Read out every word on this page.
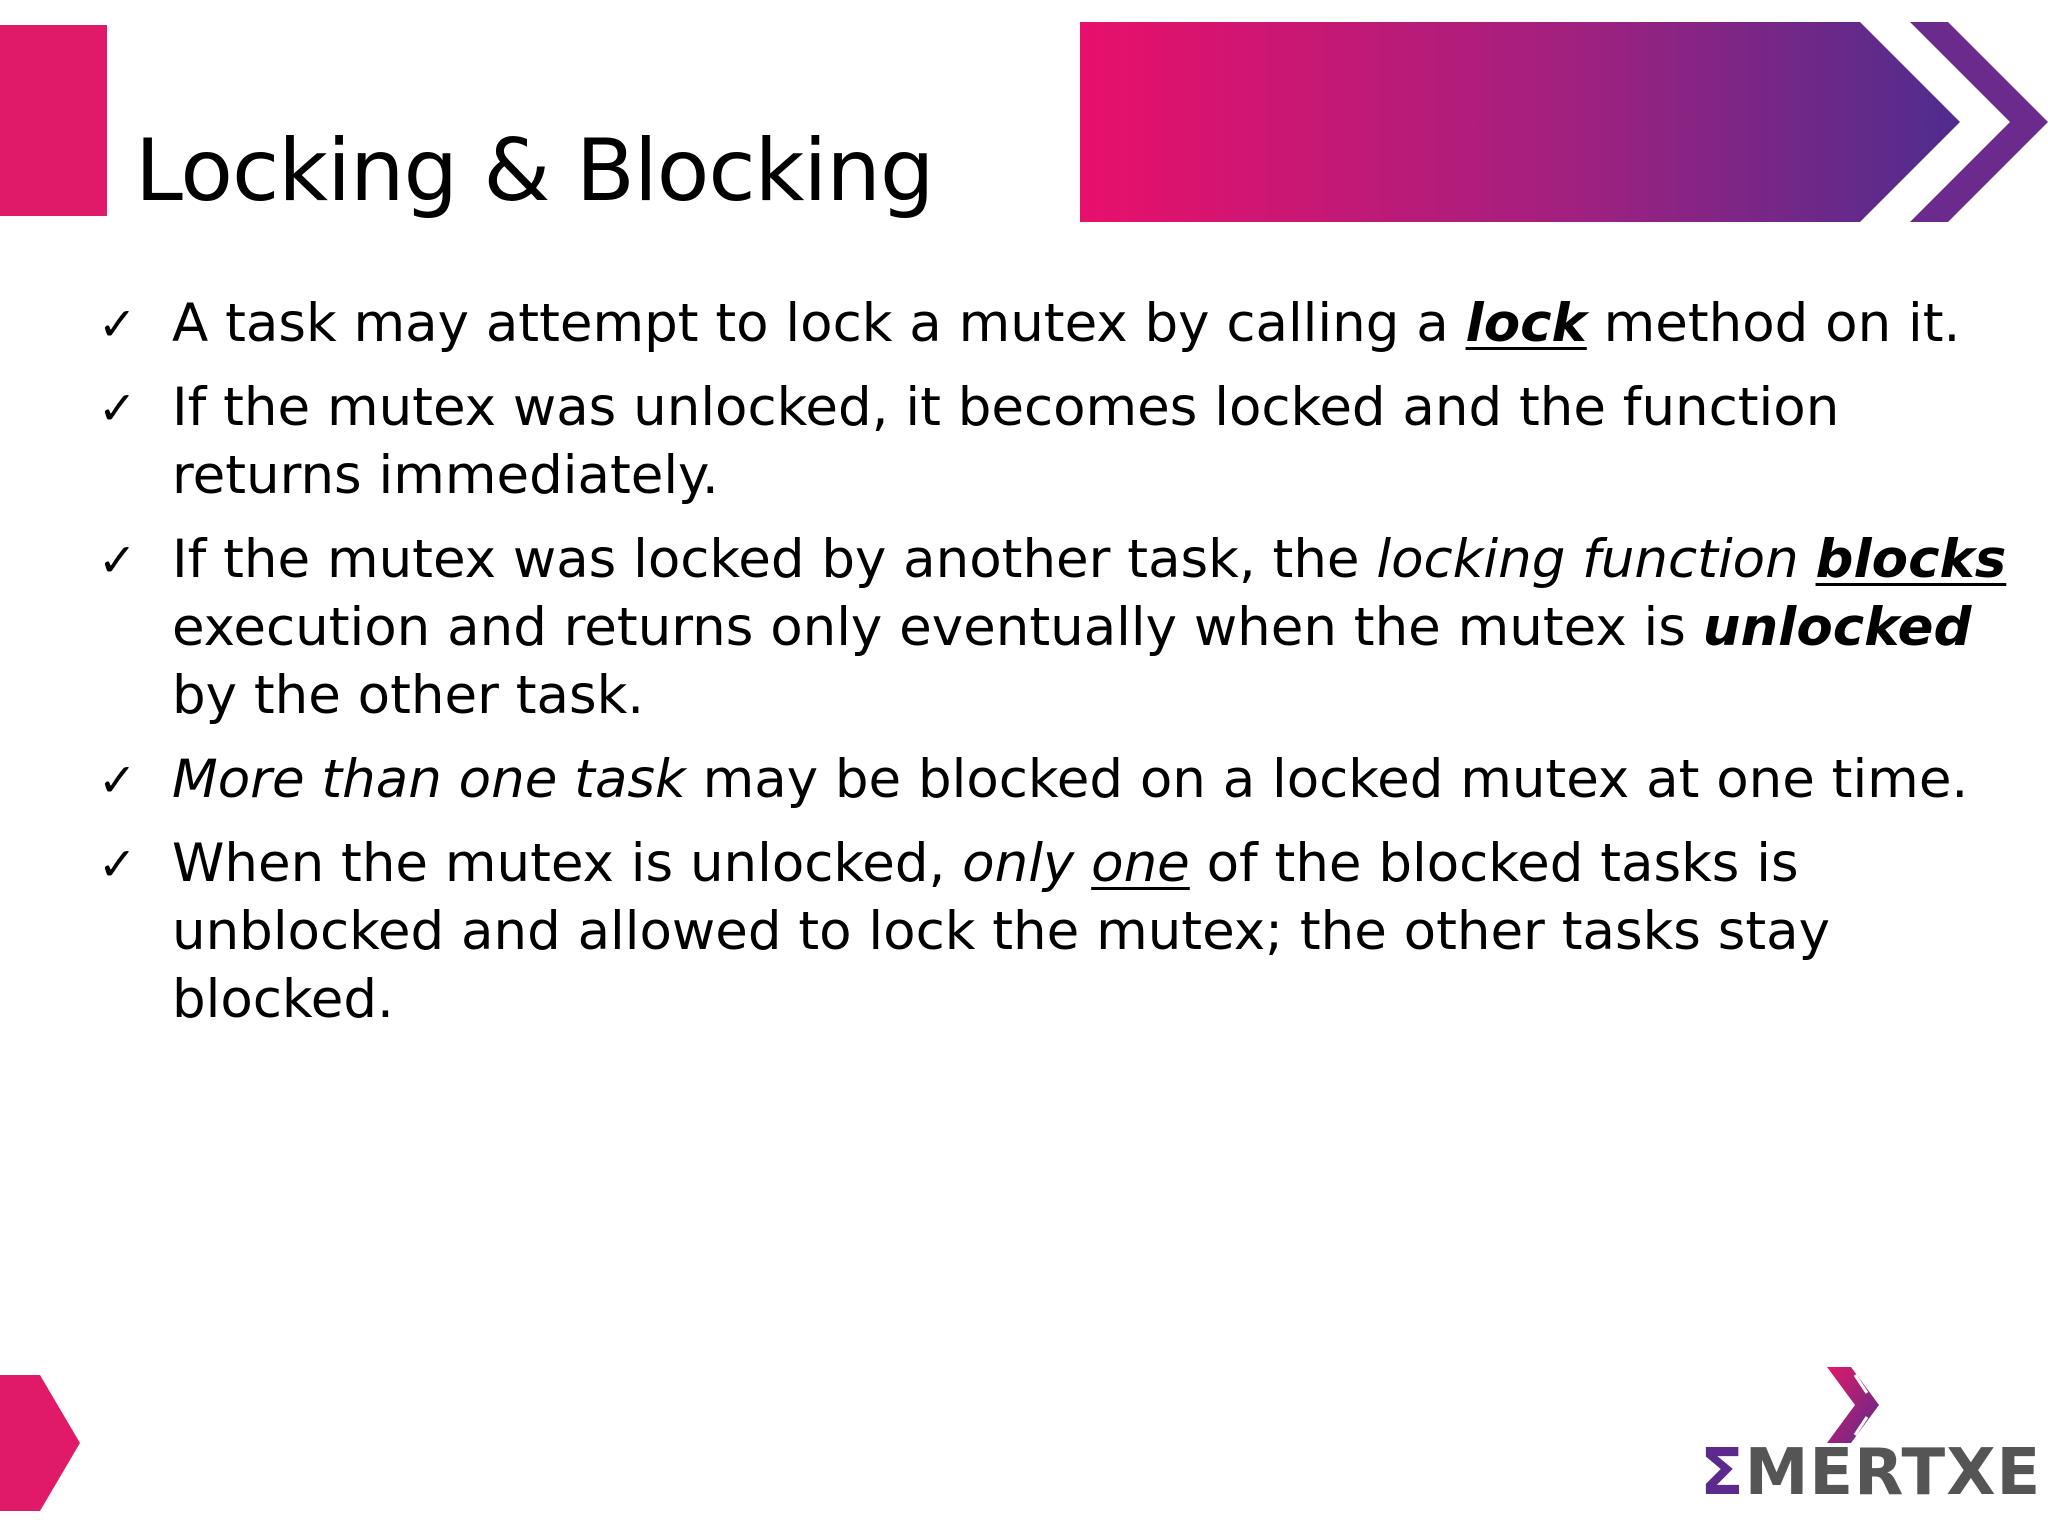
Locking & Blocking
✓ A task may attempt to lock a mutex by calling a lock method on it.
✓ If the mutex was unlocked, it becomes locked and the function
returns immediately.
✓ If the mutex was locked by another task, the locking function blocks
execution and returns only eventually when the mutex is unlocked
by the other task.
✓ More than one task may be blocked on a locked mutex at one time.
✓ When the mutex is unlocked, only one of the blocked tasks is
unblocked and allowed to lock the mutex; the other tasks stay
blocked.
ΣMERTXE
